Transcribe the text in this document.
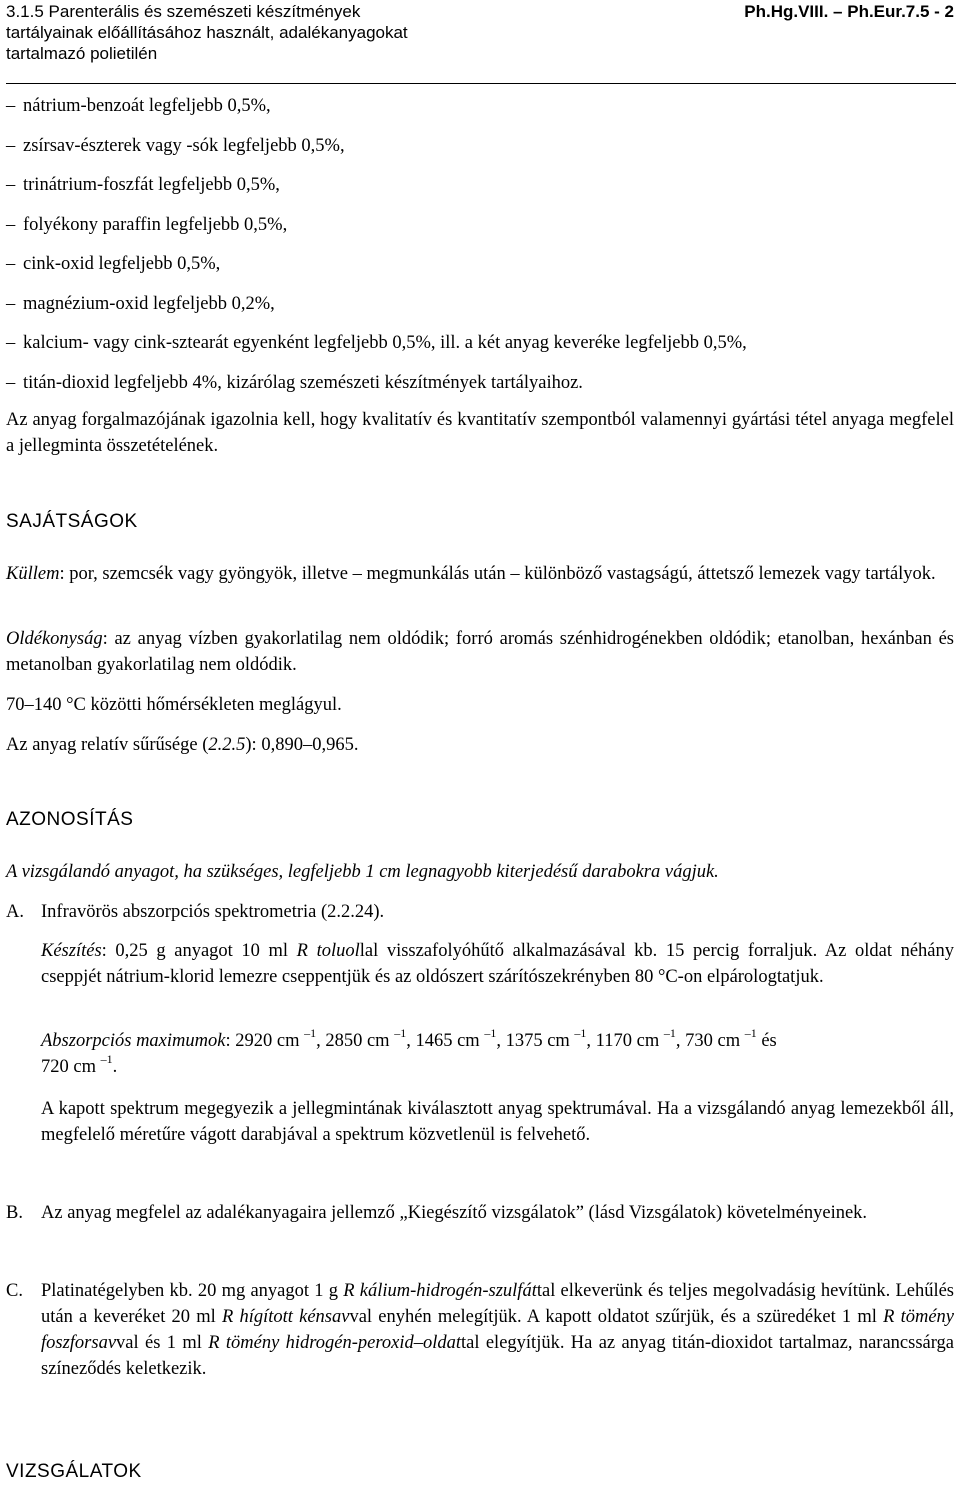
3.1.5 Parenterális és szemészeti készítmények
tartályainak előállításához használt, adalékanyagokat
tartalmazó polietilén
Ph.Hg.VIII. – Ph.Eur.7.5 - 2
– nátrium-benzoát legfeljebb 0,5%,
– zsírsav-észterek vagy -sók legfeljebb 0,5%,
– trinátrium-foszfát legfeljebb 0,5%,
– folyékony paraffin legfeljebb 0,5%,
– cink-oxid legfeljebb 0,5%,
– magnézium-oxid legfeljebb 0,2%,
– kalcium- vagy cink-sztearát egyenként legfeljebb 0,5%, ill. a két anyag keveréke legfeljebb 0,5%,
– titán-dioxid legfeljebb 4%, kizárólag szemészeti készítmények tartályaihoz.

Az anyag forgalmazójának igazolnia kell, hogy kvalitatív és kvantitatív szempontból valamennyi gyártási tétel anyaga megfelel a jellegminta összetételének.

SAJÁTSÁGOK

Küllem: por, szemcsék vagy gyöngyök, illetve – megmunkálás után – különböző vastagságú, áttetsző lemezek vagy tartályok.

Oldékonyság: az anyag vízben gyakorlatilag nem oldódik; forró aromás szénhidrogénekben oldódik; etanolban, hexánban és metanolban gyakorlatilag nem oldódik.

70–140 °C közötti hőmérsékleten meglágyul.

Az anyag relatív sűrűsége (2.2.5): 0,890–0,965.

AZONOSÍTÁS

A vizsgálandó anyagot, ha szükséges, legfeljebb 1 cm legnagyobb kiterjedésű darabokra vágjuk.

A. Infravörös abszorpciós spektrometria (2.2.24).

Készítés: 0,25 g anyagot 10 ml R toluollal visszafolyóhűtő alkalmazásával kb. 15 percig forraljuk. Az oldat néhány cseppjét nátrium-klorid lemezre cseppentjük és az oldószert szárítószekrényben 80 °C-on elpárologtatjuk.

Abszorpciós maximumok: 2920 cm $^{-1}$, 2850 cm $^{-1}$, 1465 cm $^{-1}$, 1375 cm $^{-1}$, 1170 cm $^{-1}$, 730 cm $^{-1}$ és
720 cm $^{-1}$.

A kapott spektrum megegyezik a jellegmintának kiválasztott anyag spektrumával. Ha a vizsgálandó anyag lemezekből áll, megfelelő méretűre vágott darabjával a spektrum közvetlenül is felvehető.

B. Az anyag megfelel az adalékanyagaira jellemző „Kiegészítő vizsgálatok” (lásd Vizsgálatok) követelményeinek.

C. Platinatégelyben kb. 20 mg anyagot 1 g R kálium-hidrogén-szulfáttal elkeverünk és teljes megolvadásig hevítünk. Lehűlés után a keveréket 20 ml R hígított kénsavval enyhén melegítjük. A kapott oldatot szűrjük, és a szüredéket 1 ml R tömény foszforsavval és 1 ml R tömény hidrogén-peroxid–oldattal elegyítjük. Ha az anyag titán-dioxidot tartalmaz, narancssárga színeződés keletkezik.

VIZSGÁLATOK
